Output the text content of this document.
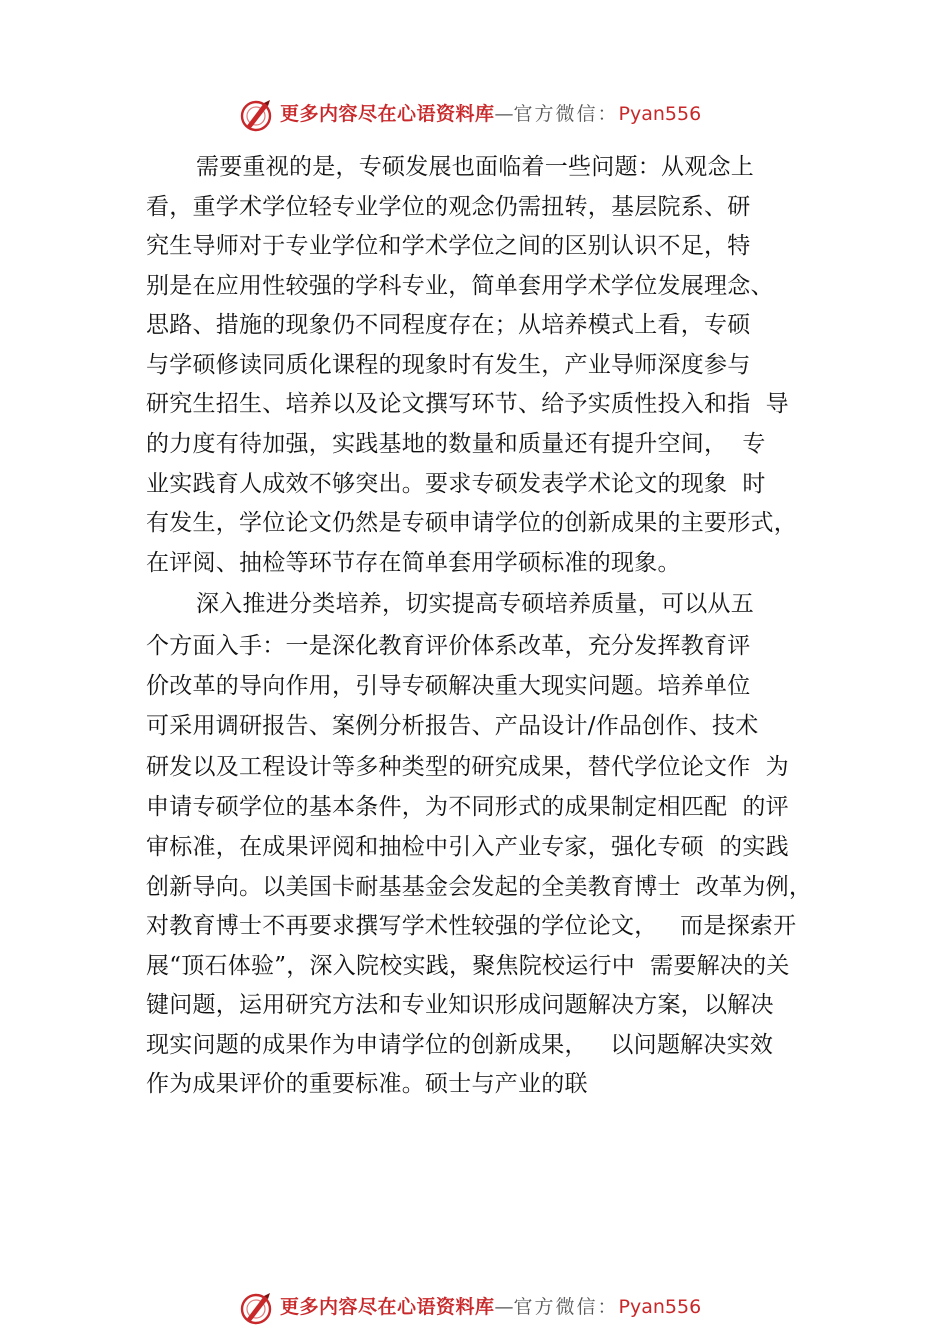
更多内容尽在心语资料库—官方微信：Pyan556
需要重视的是，专硕发展也面临着一些问题：从观念上
看，重学术学位轻专业学位的观念仍需扭转，基层院系、研
究生导师对于专业学位和学术学位之间的区别认识不足，特
别是在应用性较强的学科专业，简单套用学术学位发展理念、
思路、措施的现象仍不同程度存在；从培养模式上看，专硕
与学硕修读同质化课程的现象时有发生，产业导师深度参与
研究生招生、培养以及论文撰写环节、给予实质性投入和指  导
的力度有待加强，实践基地的数量和质量还有提升空间，  专
业实践育人成效不够突出。要求专硕发表学术论文的现象  时
有发生，学位论文仍然是专硕申请学位的创新成果的主要形式，
在评阅、抽检等环节存在简单套用学硕标准的现象。
深入推进分类培养，切实提高专硕培养质量，可以从五
个方面入手：一是深化教育评价体系改革，充分发挥教育评
价改革的导向作用，引导专硕解决重大现实问题。培养单位
可采用调研报告、案例分析报告、产品设计/作品创作、技术
研发以及工程设计等多种类型的研究成果，替代学位论文作  为
申请专硕学位的基本条件，为不同形式的成果制定相匹配  的评
审标准，在成果评阅和抽检中引入产业专家，强化专硕  的实践
创新导向。以美国卡耐基基金会发起的全美教育博士  改革为例，
对教育博士不再要求撰写学术性较强的学位论文，   而是探索开
展“顶石体验”，深入院校实践，聚焦院校运行中  需要解决的关
键问题，运用研究方法和专业知识形成问题解决方案，以解决
现实问题的成果作为申请学位的创新成果，   以问题解决实效
作为成果评价的重要标准。硕士与产业的联
更多内容尽在心语资料库—官方微信：Pyan556
